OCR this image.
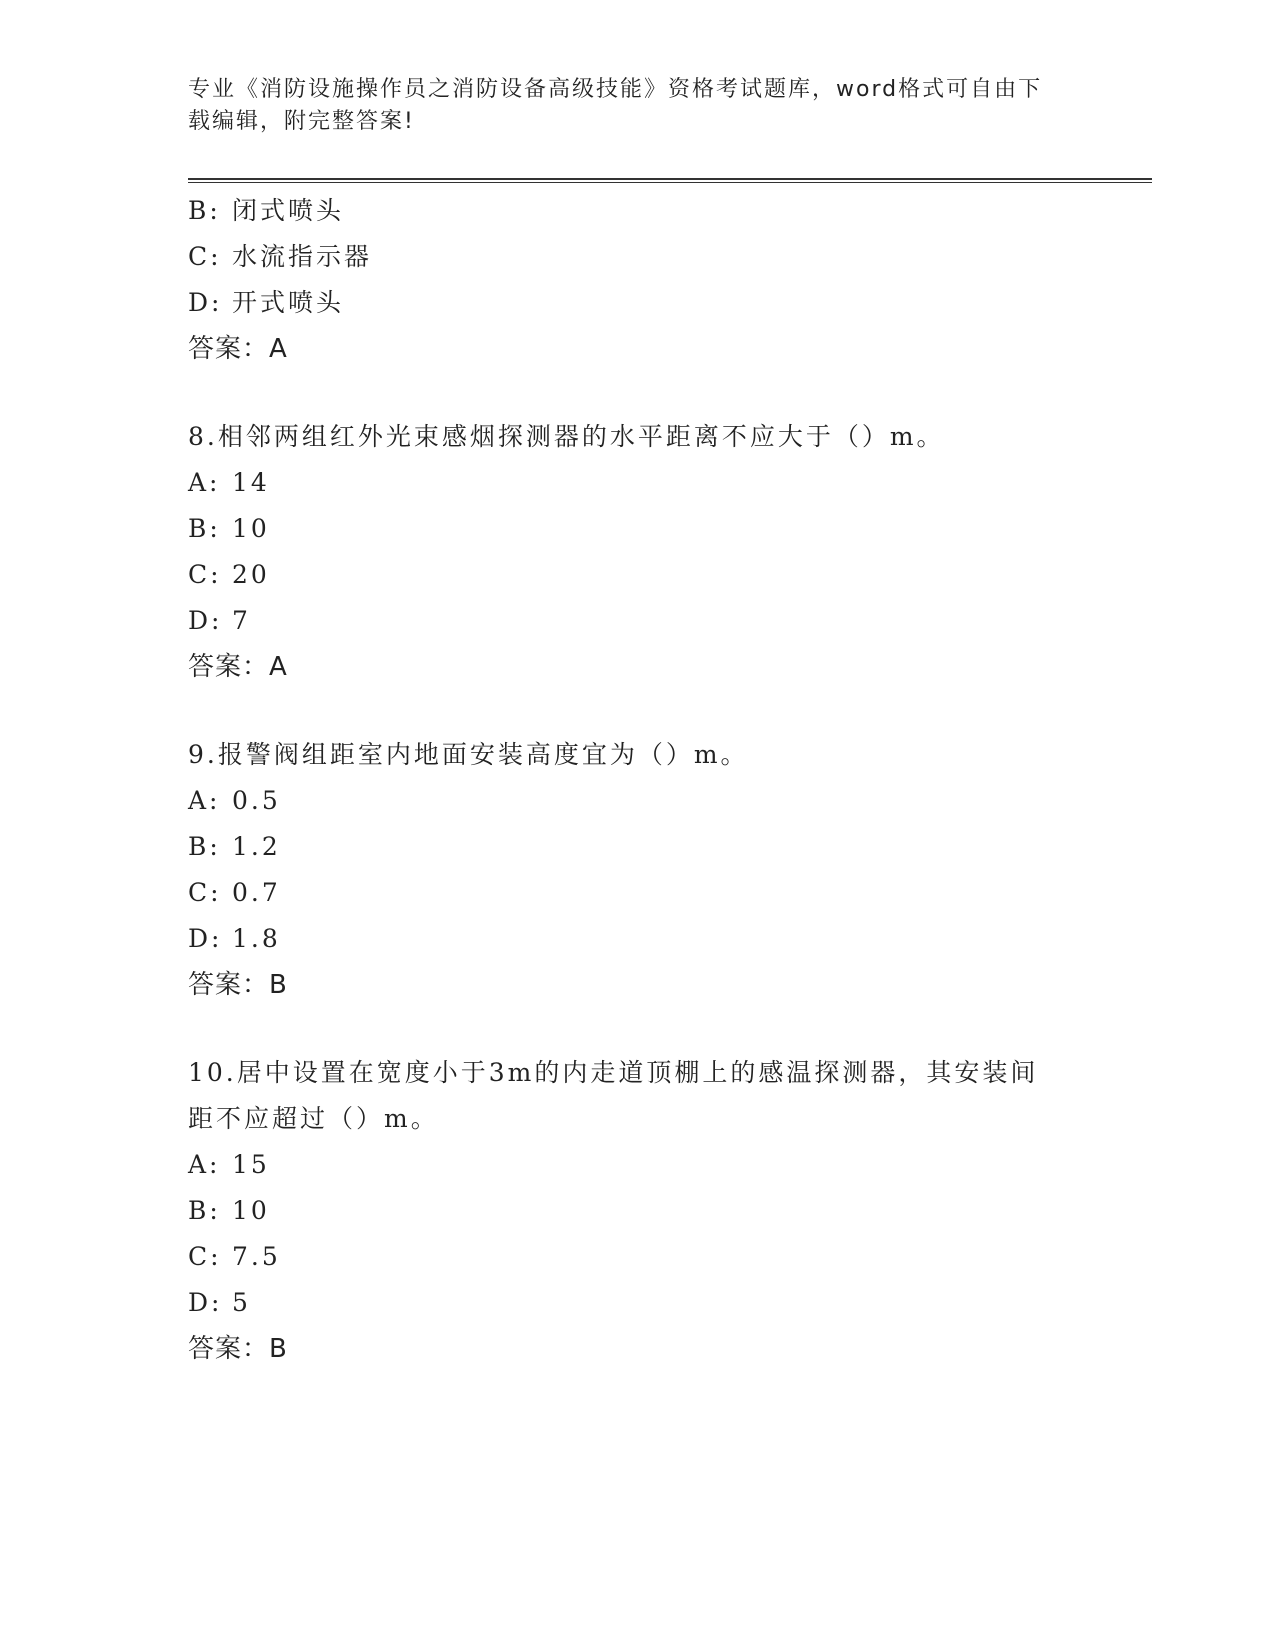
专业《消防设施操作员之消防设备高级技能》资格考试题库，word格式可自由下
载编辑，附完整答案!
B: 闭式喷头
C: 水流指示器
D: 开式喷头
答案：A
8.相邻两组红外光束感烟探测器的水平距离不应大于（）m。
A: 14
B: 10
C: 20
D: 7
答案：A
9.报警阀组距室内地面安装高度宜为（）m。
A: 0.5
B: 1.2
C: 0.7
D: 1.8
答案：B
10.居中设置在宽度小于3m的内走道顶棚上的感温探测器，其安装间
距不应超过（）m。
A: 15
B: 10
C: 7.5
D: 5
答案：B
